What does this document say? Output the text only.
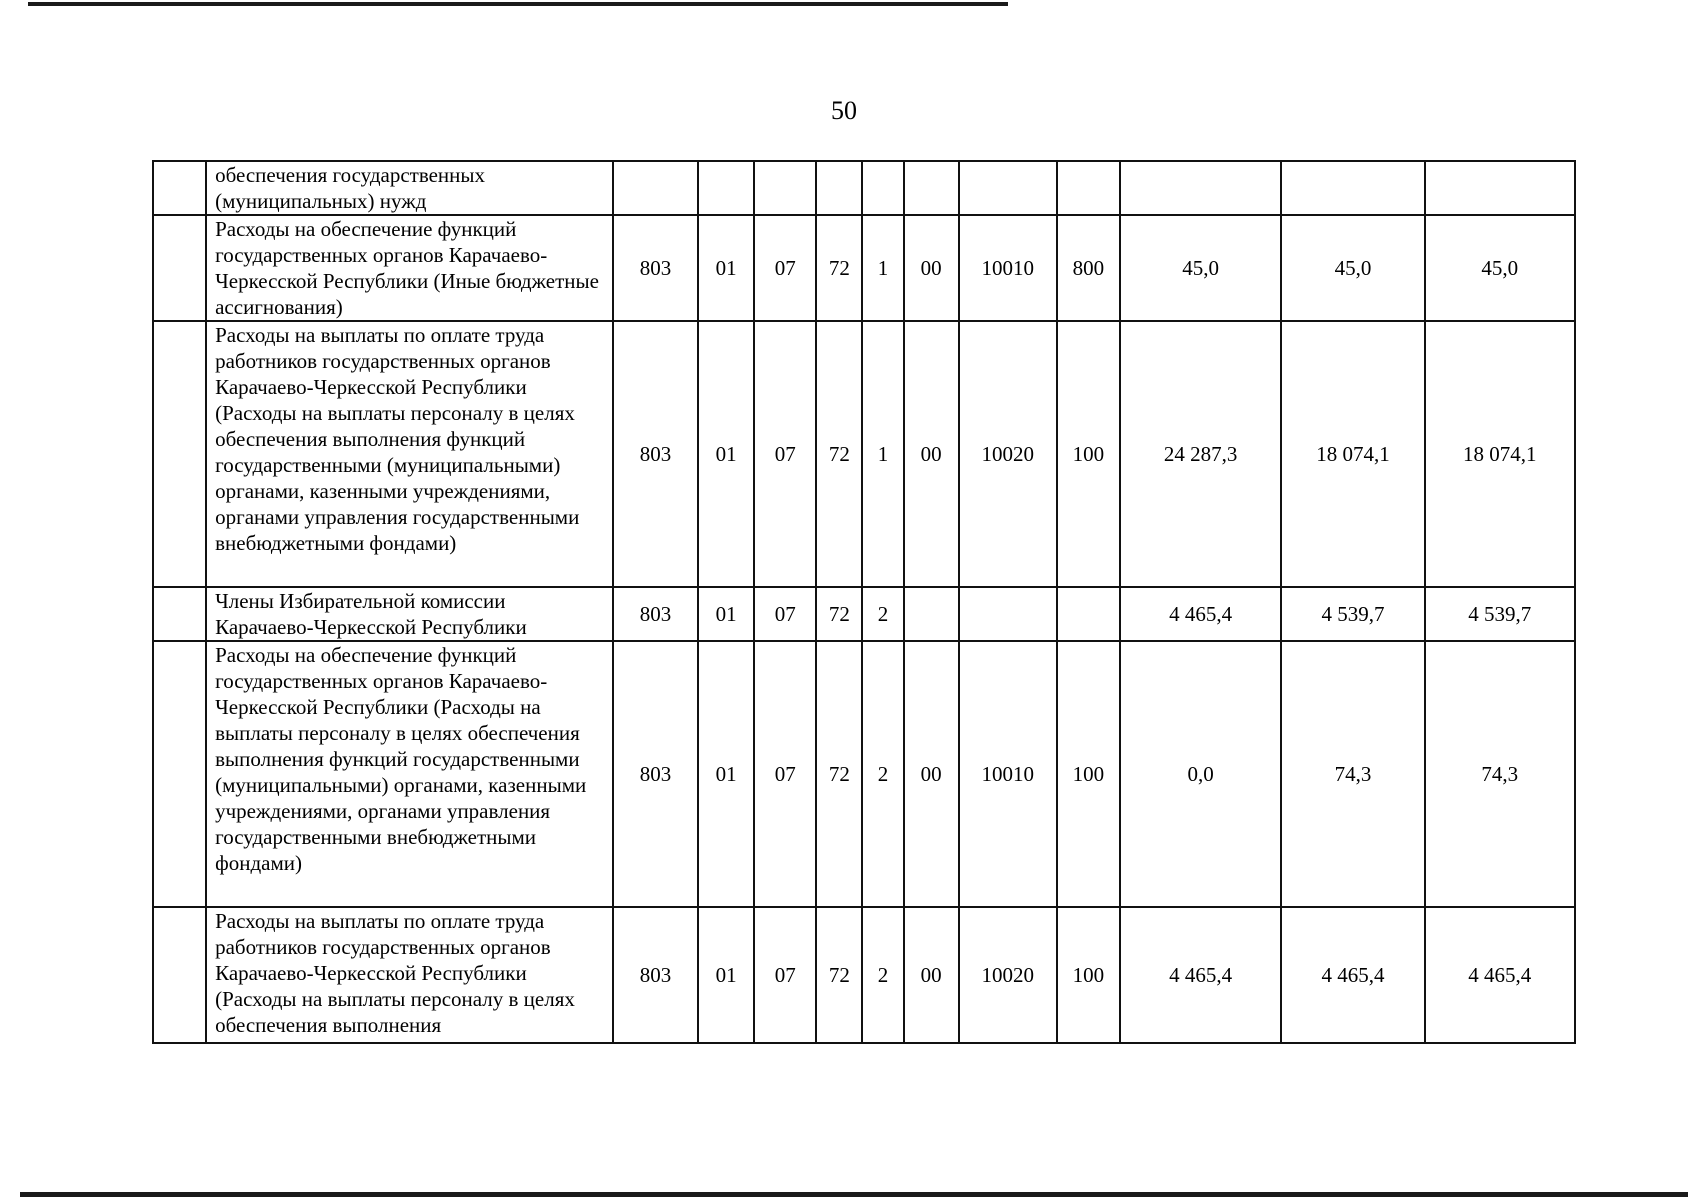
50
	обеспечения государственных (муниципальных) нужд											
	Расходы на обеспечение функций государственных органов Карачаево-Черкесской Республики (Иные бюджетные ассигнования)	803	01	07	72	1	00	10010	800	45,0	45,0	45,0
	Расходы на выплаты по оплате труда работников государственных органов Карачаево-Черкесской Республики (Расходы на выплаты персоналу в целях обеспечения выполнения функций государственными (муниципальными) органами, казенными учреждениями, органами управления государственными внебюджетными фондами)	803	01	07	72	1	00	10020	100	24 287,3	18 074,1	18 074,1
	Члены Избирательной комиссии Карачаево-Черкесской Республики	803	01	07	72	2				4 465,4	4 539,7	4 539,7
	Расходы на обеспечение функций государственных органов Карачаево-Черкесской Республики (Расходы на выплаты персоналу в целях обеспечения выполнения функций государственными (муниципальными) органами, казенными учреждениями, органами управления государственными внебюджетными фондами)	803	01	07	72	2	00	10010	100	0,0	74,3	74,3
	Расходы на выплаты по оплате труда работников государственных органов Карачаево-Черкесской Республики (Расходы на выплаты персоналу в целях обеспечения выполнения	803	01	07	72	2	00	10020	100	4 465,4	4 465,4	4 465,4
